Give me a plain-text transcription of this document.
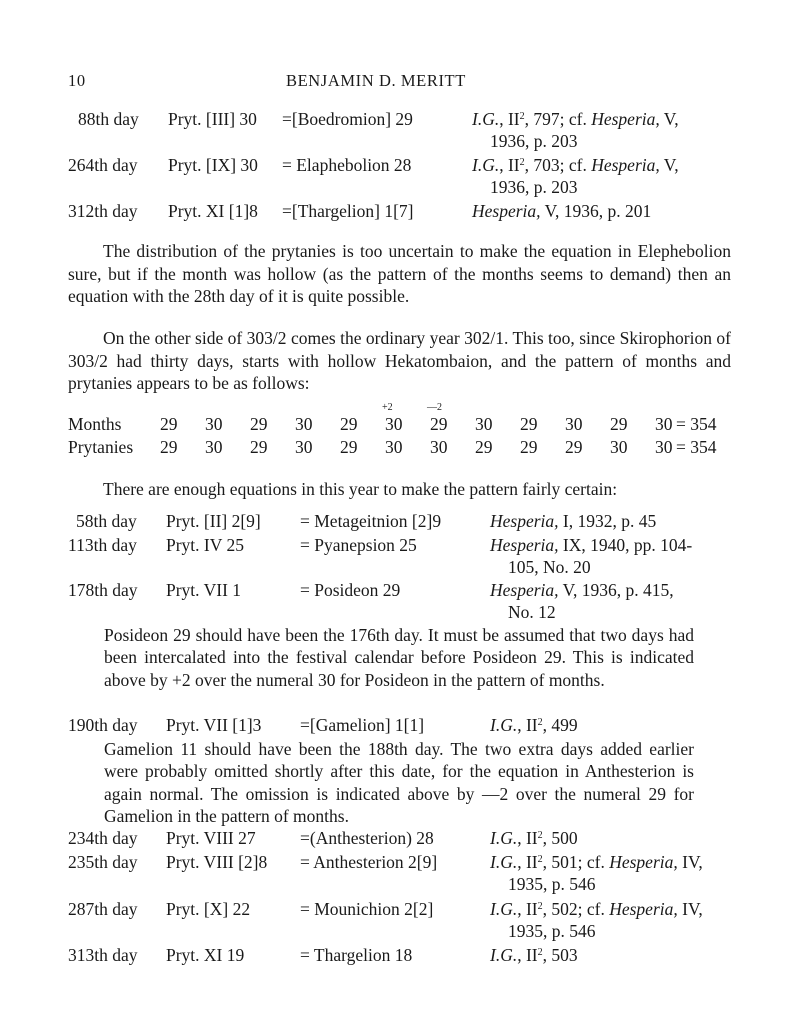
10	BENJAMIN D. MERITT
88th day Pryt. [III] 30 =[Boedromion] 29	I.G., $II^2$, 797; cf. Hesperia, V,
1936, p. 203
264th day Pryt. [IX] 30 = Elaphebolion 28	I.G., $II^2$, 703; cf. Hesperia, V,
1936, p. 203
312th day Pryt. XI [1]8 =[Thargelion] 1[7]	Hesperia, V, 1936, p. 201
The distribution of the prytanies is too uncertain to make the equation in Elephebolion sure, but if the month was hollow (as the pattern of the months seems to demand) then an equation with the 28th day of it is quite possible.
On the other side of 303/2 comes the ordinary year 302/1. This too, since Skirophorion of 303/2 had thirty days, starts with hollow Hekatombaion, and the pattern of months and prytanies appears to be as follows:
+2	—2
Months 29 30 29 30 29 30 29 30 29 30 29 30 = 354
Prytanies 29 30 29 30 29 30 30 29 29 29 30 30 = 354
There are enough equations in this year to make the pattern fairly certain:
58th day Pryt. [II] 2[9] = Metageitnion [2]9	Hesperia, I, 1932, p. 45
113th day Pryt. IV 25	= Pyanepsion 25	Hesperia, IX, 1940, pp. 104-
105, No. 20
178th day Pryt. VII 1	= Posideon 29	Hesperia, V, 1936, p. 415,
No. 12
Posideon 29 should have been the 176th day. It must be assumed that two days had been intercalated into the festival calendar before Posideon 29. This is indicated above by +2 over the numeral 30 for Posideon in the pattern of months.
190th day Pryt. VII [1]3 =[Gamelion] 1[1]	I.G., $II^2$, 499
Gamelion 11 should have been the 188th day. The two extra days added earlier were probably omitted shortly after this date, for the equation in Anthesterion is again normal. The omission is indicated above by —2 over the numeral 29 for Gamelion in the pattern of months.
234th day Pryt. VIII 27	=(Anthesterion) 28	I.G., $II^2$, 500
235th day Pryt. VIII [2]8 = Anthesterion 2[9]	I.G., $II^2$, 501; cf. Hesperia, IV,
1935, p. 546
287th day Pryt. [X] 22	= Mounichion 2[2]	I.G., $II^2$, 502; cf. Hesperia, IV,
1935, p. 546
313th day Pryt. XI 19	= Thargelion 18	I.G., $II^2$, 503
